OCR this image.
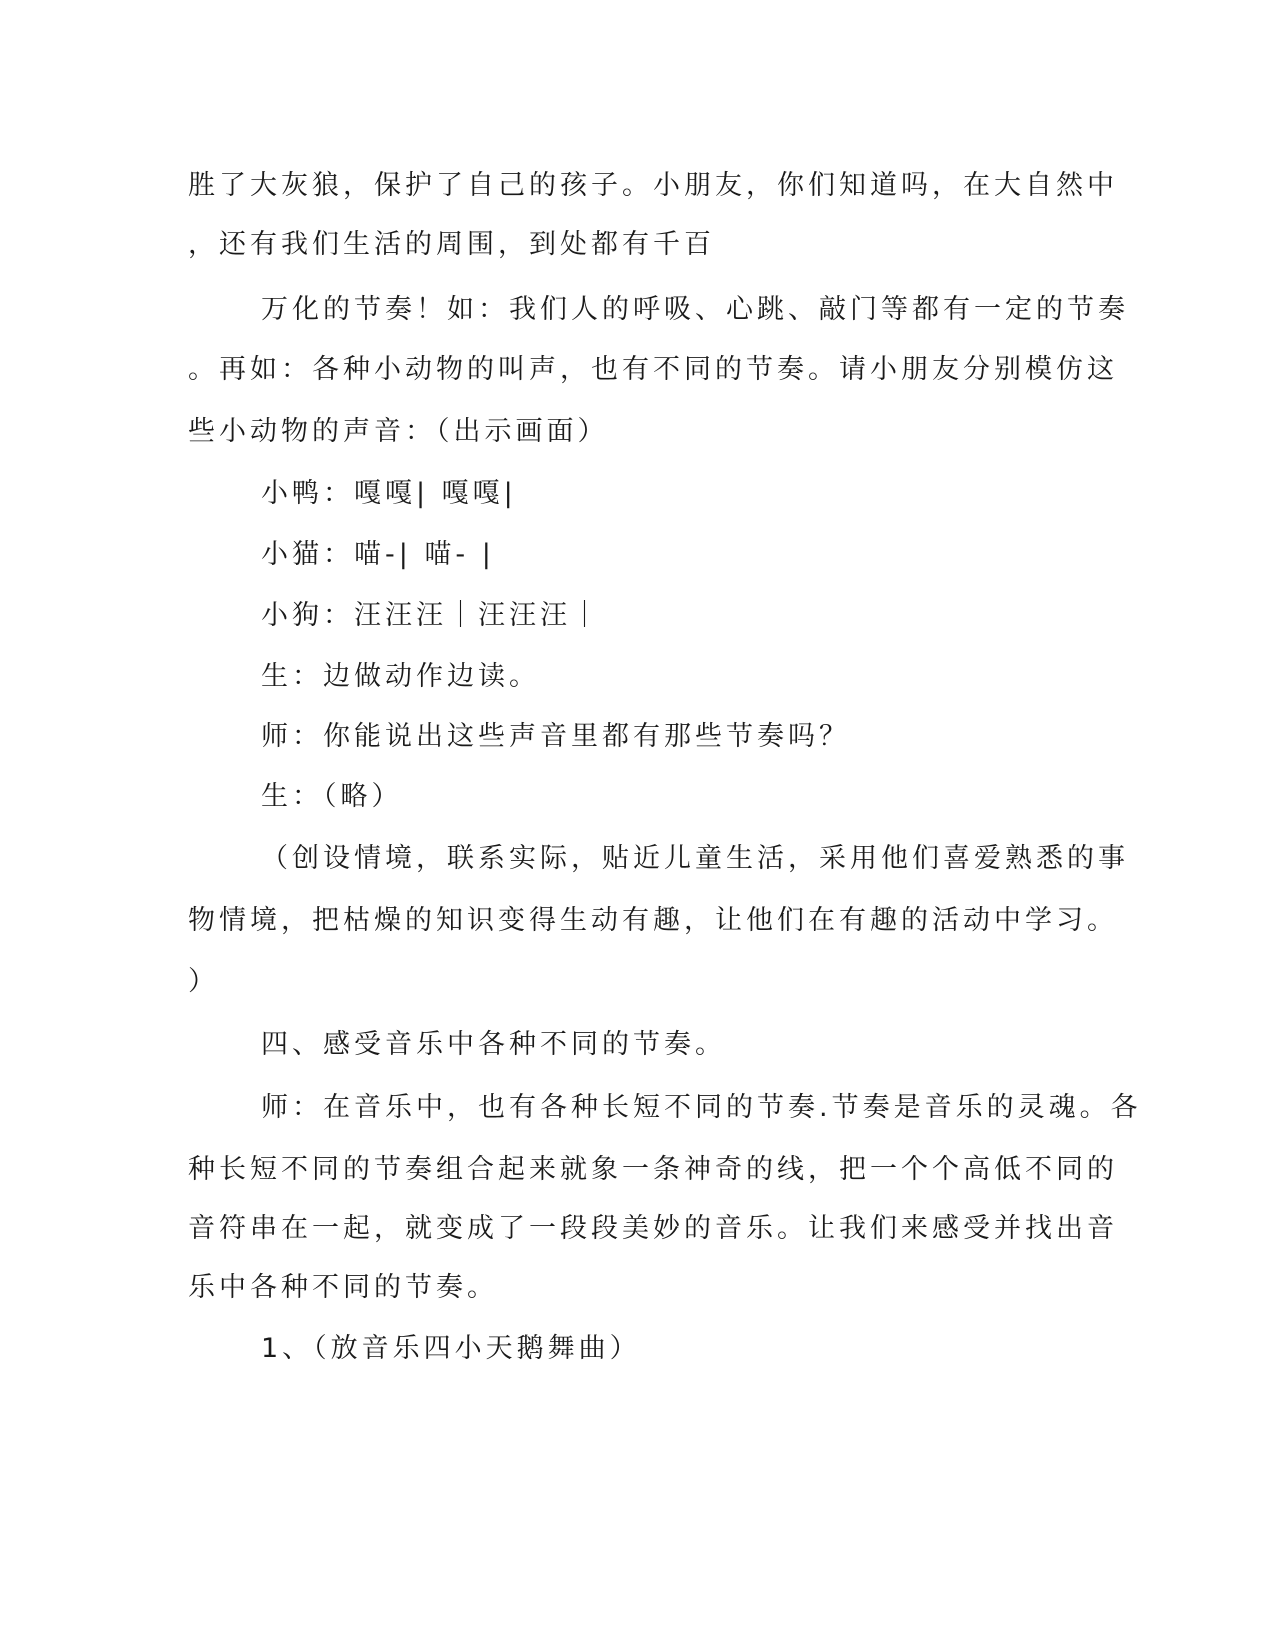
胜了大灰狼，保护了自己的孩子。小朋友，你们知道吗，在大自然中
，还有我们生活的周围，到处都有千百
万化的节奏！如：我们人的呼吸、心跳、敲门等都有一定的节奏
。再如：各种小动物的叫声，也有不同的节奏。请小朋友分别模仿这
些小动物的声音：（出示画面）
小鸭：嘎嘎| 嘎嘎|
小猫：喵-| 喵- |
小狗：汪汪汪｜汪汪汪｜
生：边做动作边读。
师：你能说出这些声音里都有那些节奏吗？
生：（略）
（创设情境，联系实际，贴近儿童生活，采用他们喜爱熟悉的事
物情境，把枯燥的知识变得生动有趣，让他们在有趣的活动中学习。
）
四、感受音乐中各种不同的节奏。
师：在音乐中，也有各种长短不同的节奏.节奏是音乐的灵魂。各
种长短不同的节奏组合起来就象一条神奇的线，把一个个高低不同的
音符串在一起，就变成了一段段美妙的音乐。让我们来感受并找出音
乐中各种不同的节奏。
1、（放音乐四小天鹅舞曲）
